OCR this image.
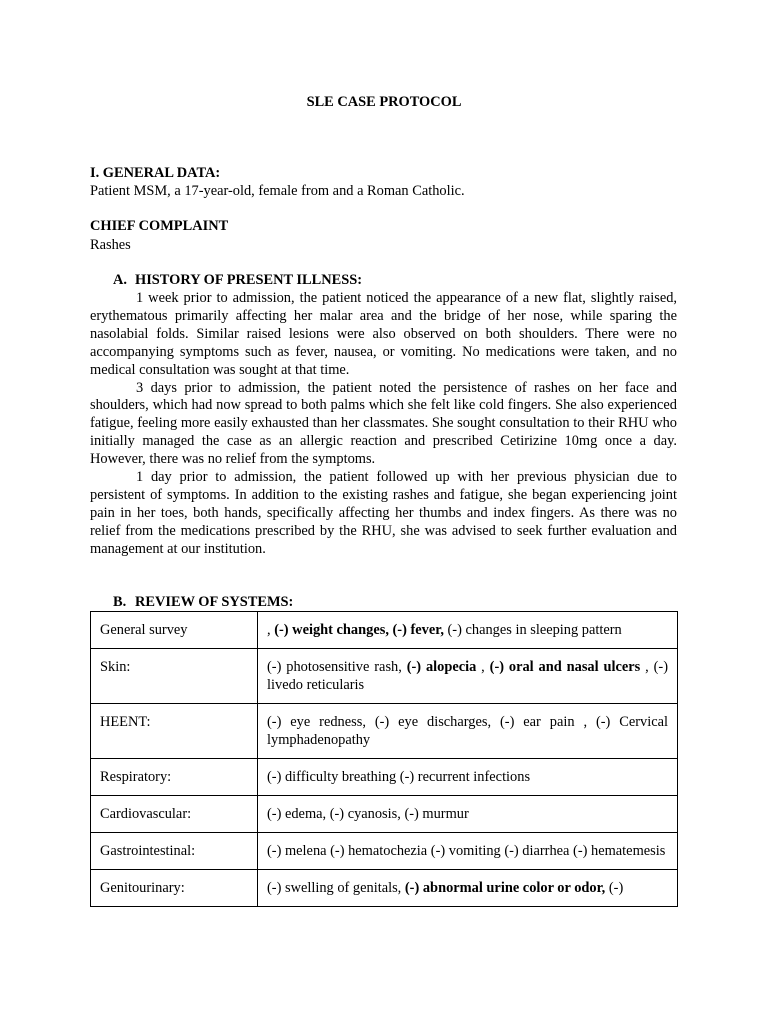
SLE CASE PROTOCOL
I. GENERAL DATA:
Patient MSM, a 17-year-old, female from and a Roman Catholic.
CHIEF COMPLAINT
Rashes
A. HISTORY OF PRESENT ILLNESS:

1 week prior to admission, the patient noticed the appearance of a new flat, slightly raised, erythematous primarily affecting her malar area and the bridge of her nose, while sparing the nasolabial folds. Similar raised lesions were also observed on both shoulders. There were no accompanying symptoms such as fever, nausea, or vomiting. No medications were taken, and no medical consultation was sought at that time.

3 days prior to admission, the patient noted the persistence of rashes on her face and shoulders, which had now spread to both palms which she felt like cold fingers. She also experienced fatigue, feeling more easily exhausted than her classmates. She sought consultation to their RHU who initially managed the case as an allergic reaction and prescribed Cetirizine 10mg once a day. However, there was no relief from the symptoms.

1 day prior to admission, the patient followed up with her previous physician due to persistent of symptoms. In addition to the existing rashes and fatigue, she began experiencing joint pain in her toes, both hands, specifically affecting her thumbs and index fingers. As there was no relief from the medications prescribed by the RHU, she was advised to seek further evaluation and management at our institution.

B. REVIEW OF SYSTEMS:
General survey	, (-) weight changes, (-) fever, (-) changes in sleeping pattern
Skin:	(-) photosensitive rash, (-) alopecia , (-) oral and nasal ulcers , (-) livedo reticularis
HEENT:	(-) eye redness, (-) eye discharges, (-) ear pain , (-) Cervical lymphadenopathy
Respiratory:	(-) difficulty breathing (-) recurrent infections
Cardiovascular:	(-) edema, (-) cyanosis, (-) murmur
Gastrointestinal:	(-) melena (-) hematochezia (-) vomiting (-) diarrhea (-) hematemesis
Genitourinary:	(-) swelling of genitals, (-) abnormal urine color or odor, (-)
